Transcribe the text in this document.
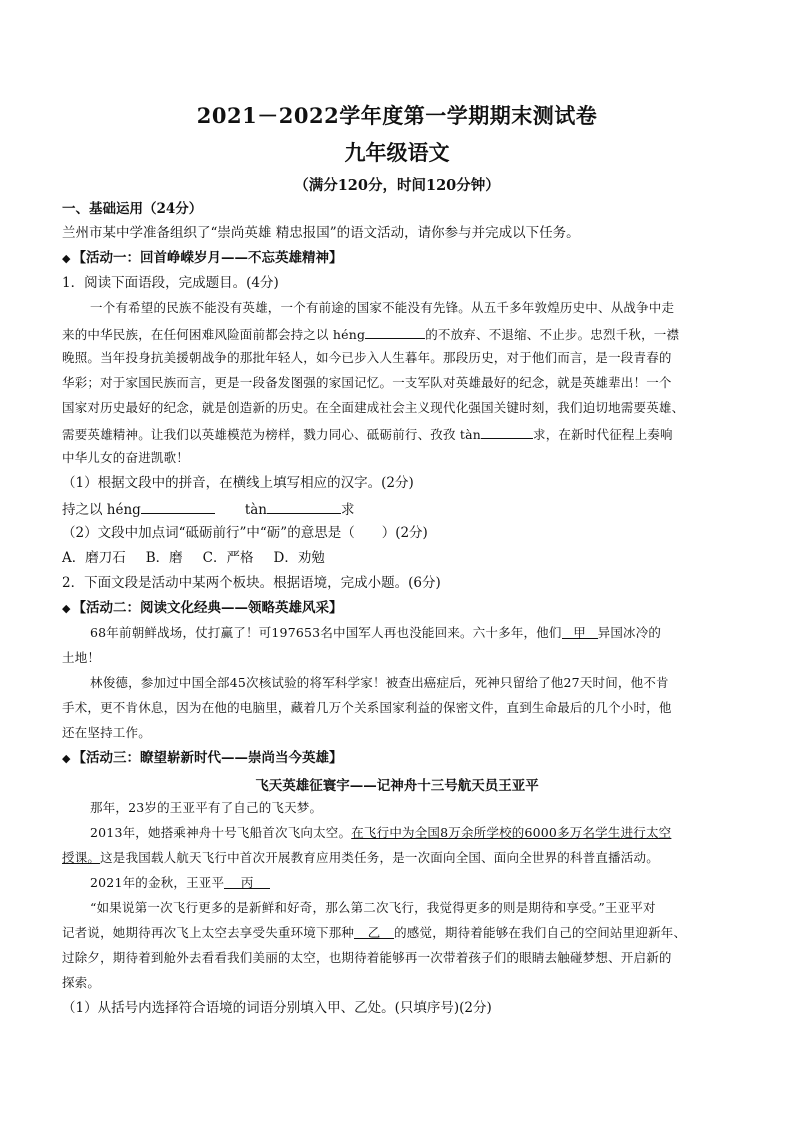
2021－2022学年度第一学期期末测试卷
九年级语文
（满分120分，时间120分钟）
一、基础运用（24分）
兰州市某中学准备组织了“崇尚英雄 精忠报国”的语文活动，请你参与并完成以下任务。
◆ 【活动一：回首峥嵘岁月——不忘英雄精神】
1．阅读下面语段，完成题目。(4分)
一个有希望的民族不能没有英雄，一个有前途的国家不能没有先锋。从五千多年敦煌历史中、从战争中走
来的中华民族，在任何困难风险面前都会持之以 héng	的不放弃、不退缩、不止步。忠烈千秋，一襟
晚照。当年投身抗美援朝战争的那批年轻人，如今已步入人生暮年。那段历史，对于他们而言，是一段青春的
华彩；对于家国民族而言，更是一段备发图强的家国记忆。一支军队对英雄最好的纪念，就是英雄辈出！一个
国家对历史最好的纪念，就是创造新的历史。在全面建成社会主义现代化强国关键时刻，我们迫切地需要英雄、
需要英雄精神。让我们以英雄模范为榜样，戮力同心、砥砺前行、孜孜 tàn	求，在新时代征程上奏响
中华儿女的奋进凯歌！
（1）根据文段中的拼音，在横线上填写相应的汉字。(2分)
持之以 héng	tàn	求
（2）文段中加点词“砥砺前行”中“砺”的意思是（　　）(2分)
A．磨刀石 B．磨 C．严格 D．劝勉
2．下面文段是活动中某两个板块。根据语境，完成小题。(6分)
◆ 【活动二：阅读文化经典——领略英雄风采】
68年前朝鲜战场，仗打赢了！可197653名中国军人再也没能回来。六十多年，他们 甲 异国冰冷的
土地！
林俊德，参加过中国全部45次核试验的将军科学家！被查出癌症后，死神只留给了他27天时间，他不肯
手术，更不肯休息，因为在他的电脑里，藏着几万个关系国家利益的保密文件，直到生命最后的几个小时，他
还在坚持工作。
◆ 【活动三：瞭望崭新时代——崇尚当今英雄】
飞天英雄征寰宇——记神舟十三号航天员王亚平
那年，23岁的王亚平有了自己的飞天梦。
2013年，她搭乘神舟十号飞船首次飞向太空。在飞行中为全国8万余所学校的6000多万名学生进行太空
授课。这是我国载人航天飞行中首次开展教育应用类任务，是一次面向全国、面向全世界的科普直播活动。
2021年的金秋，王亚平 丙
“如果说第一次飞行更多的是新鲜和好奇，那么第二次飞行，我觉得更多的则是期待和享受。”王亚平对
记者说，她期待再次飞上太空去享受失重环境下那种 乙 的感觉，期待着能够在我们自己的空间站里迎新年、
过除夕，期待着到舱外去看看我们美丽的太空，也期待着能够再一次带着孩子们的眼睛去触碰梦想、开启新的
探索。
（1）从括号内选择符合语境的词语分别填入甲、乙处。(只填序号)(2分)
